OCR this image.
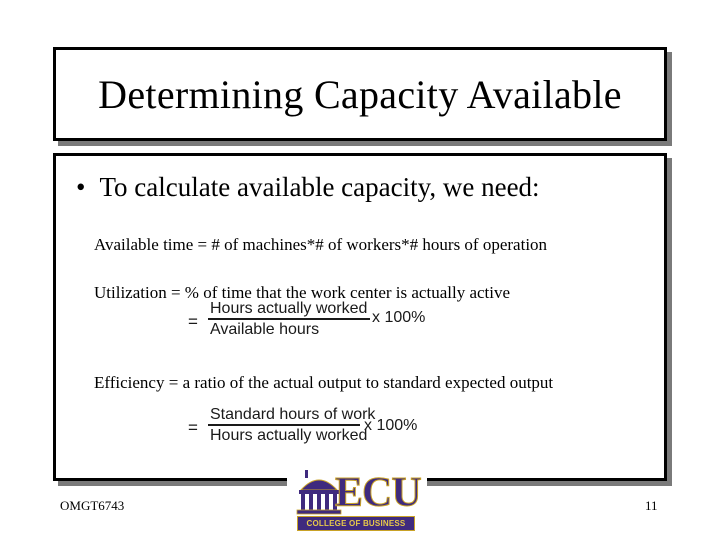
Determining Capacity Available
• To calculate available capacity, we need:
Available time = # of machines*# of workers*# hours of operation
Utilization = % of time that the work center is actually active
=
Hours actually worked
Available hours
x 100%
Efficiency = a ratio of the actual output to standard expected output
=
Standard hours of work
Hours actually worked
x 100%
OMGT6743	ECU
COLLEGE OF BUSINESS
11
